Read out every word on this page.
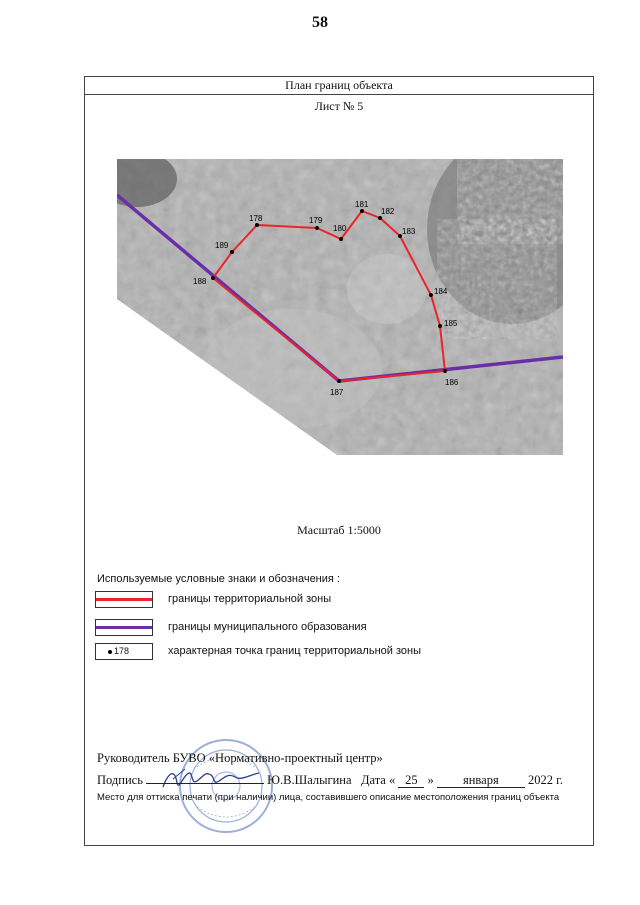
58
План границ объекта
Лист № 5
178	179
180
181
182
183
184
185
186
187
188
189
Масштаб 1:5000
Используемые условные знаки и обозначения :
границы территориальной зоны
границы муниципального образования
178	характерная точка границ территориальной зоны
Руководитель БУВО «Нормативно-проектный центр»
Подпись	Ю.В.Шалыгина Дата « 25 » января 2022 г.
Место для оттиска печати (при наличии) лица, составившего описание местоположения границ объекта
